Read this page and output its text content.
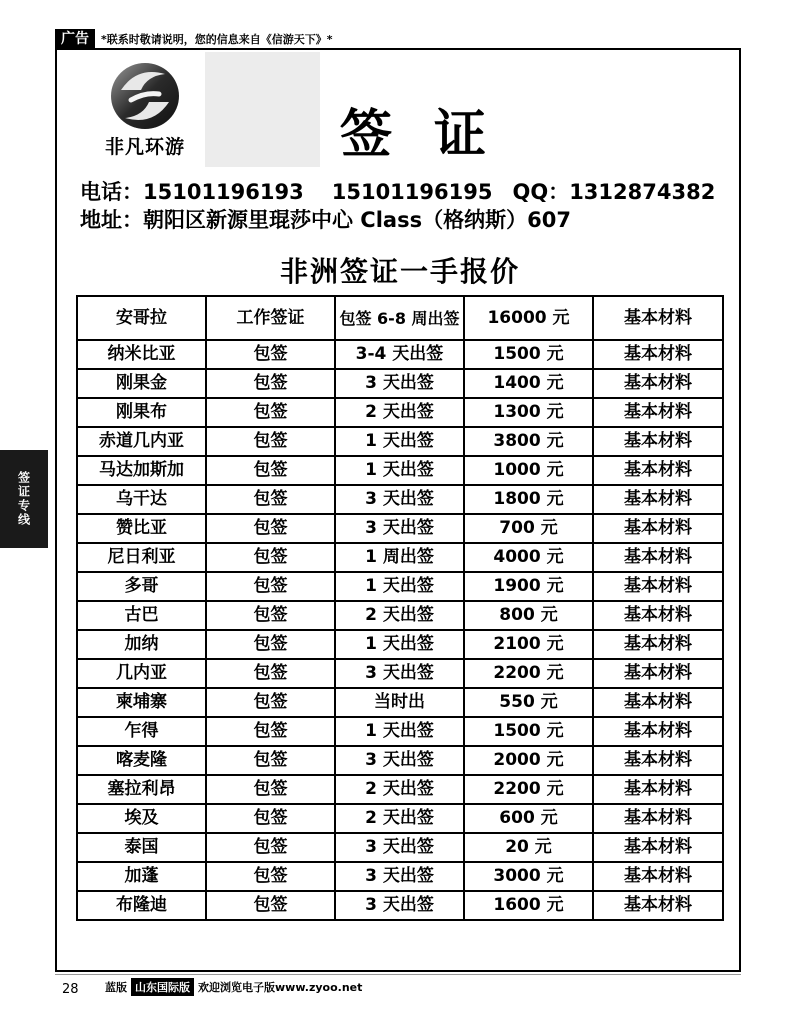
广告	*联系时敬请说明，您的信息来自《信游天下》*
非凡环游	签证
电话：15101196193 15101196195 QQ：1312874382
地址：朝阳区新源里琨莎中心 Class（格纳斯）607
非洲签证一手报价
安哥拉	工作签证	包签 6-8 周出签	16000 元	基本材料
纳米比亚	包签	3-4 天出签	1500 元	基本材料
刚果金	包签	3 天出签	1400 元	基本材料
刚果布	包签	2 天出签	1300 元	基本材料
赤道几内亚	包签	1 天出签	3800 元	基本材料
马达加斯加	包签	1 天出签	1000 元	基本材料
乌干达	包签	3 天出签	1800 元	基本材料
赞比亚	包签	3 天出签	700 元	基本材料
尼日利亚	包签	1 周出签	4000 元	基本材料
多哥	包签	1 天出签	1900 元	基本材料
古巴	包签	2 天出签	800 元	基本材料
加纳	包签	1 天出签	2100 元	基本材料
几内亚	包签	3 天出签	2200 元	基本材料
柬埔寨	包签	当时出	550 元	基本材料
乍得	包签	1 天出签	1500 元	基本材料
喀麦隆	包签	3 天出签	2000 元	基本材料
塞拉利昂	包签	2 天出签	2200 元	基本材料
埃及	包签	2 天出签	600 元	基本材料
泰国	包签	3 天出签	20 元	基本材料
加蓬	包签	3 天出签	3000 元	基本材料
布隆迪	包签	3 天出签	1600 元	基本材料
签证专线
28 蓝版 山东国际版 欢迎浏览电子版www.zyoo.net
